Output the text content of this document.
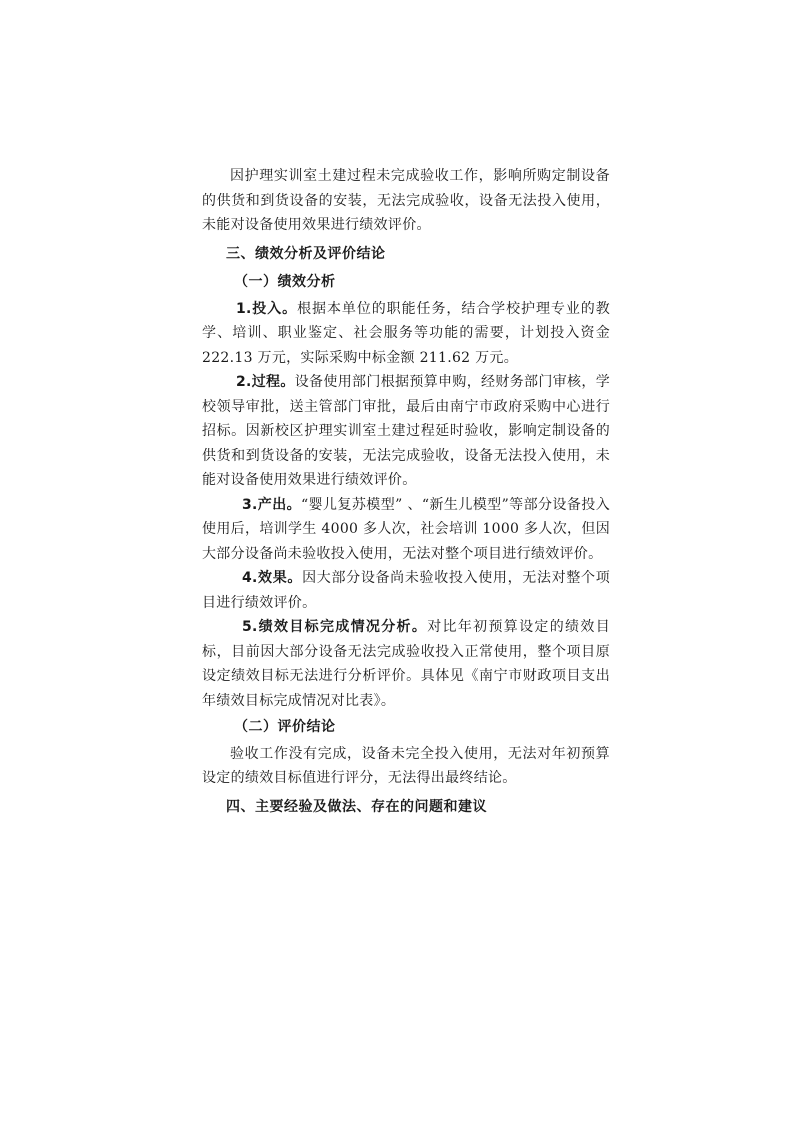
因护理实训室土建过程未完成验收工作，影响所购定制设备的供货和到货设备的安装，无法完成验收，设备无法投入使用，未能对设备使用效果进行绩效评价。

三、绩效分析及评价结论

（一）绩效分析

1.投入。根据本单位的职能任务，结合学校护理专业的教学、培训、职业鉴定、社会服务等功能的需要，计划投入资金 222.13 万元，实际采购中标金额 211.62 万元。

2.过程。设备使用部门根据预算申购，经财务部门审核，学校领导审批，送主管部门审批，最后由南宁市政府采购中心进行招标。因新校区护理实训室土建过程延时验收，影响定制设备的供货和到货设备的安装，无法完成验收，设备无法投入使用，未能对设备使用效果进行绩效评价。

3.产出。“婴儿复苏模型” 、“新生儿模型”等部分设备投入使用后，培训学生 4000 多人次，社会培训 1000 多人次，但因大部分设备尚未验收投入使用，无法对整个项目进行绩效评价。

4.效果。因大部分设备尚未验收投入使用，无法对整个项目进行绩效评价。

5.绩效目标完成情况分析。对比年初预算设定的绩效目标，目前因大部分设备无法完成验收投入正常使用，整个项目原设定绩效目标无法进行分析评价。具体见《南宁市财政项目支出年绩效目标完成情况对比表》。

（二）评价结论

验收工作没有完成，设备未完全投入使用，无法对年初预算设定的绩效目标值进行评分，无法得出最终结论。

四、主要经验及做法、存在的问题和建议
